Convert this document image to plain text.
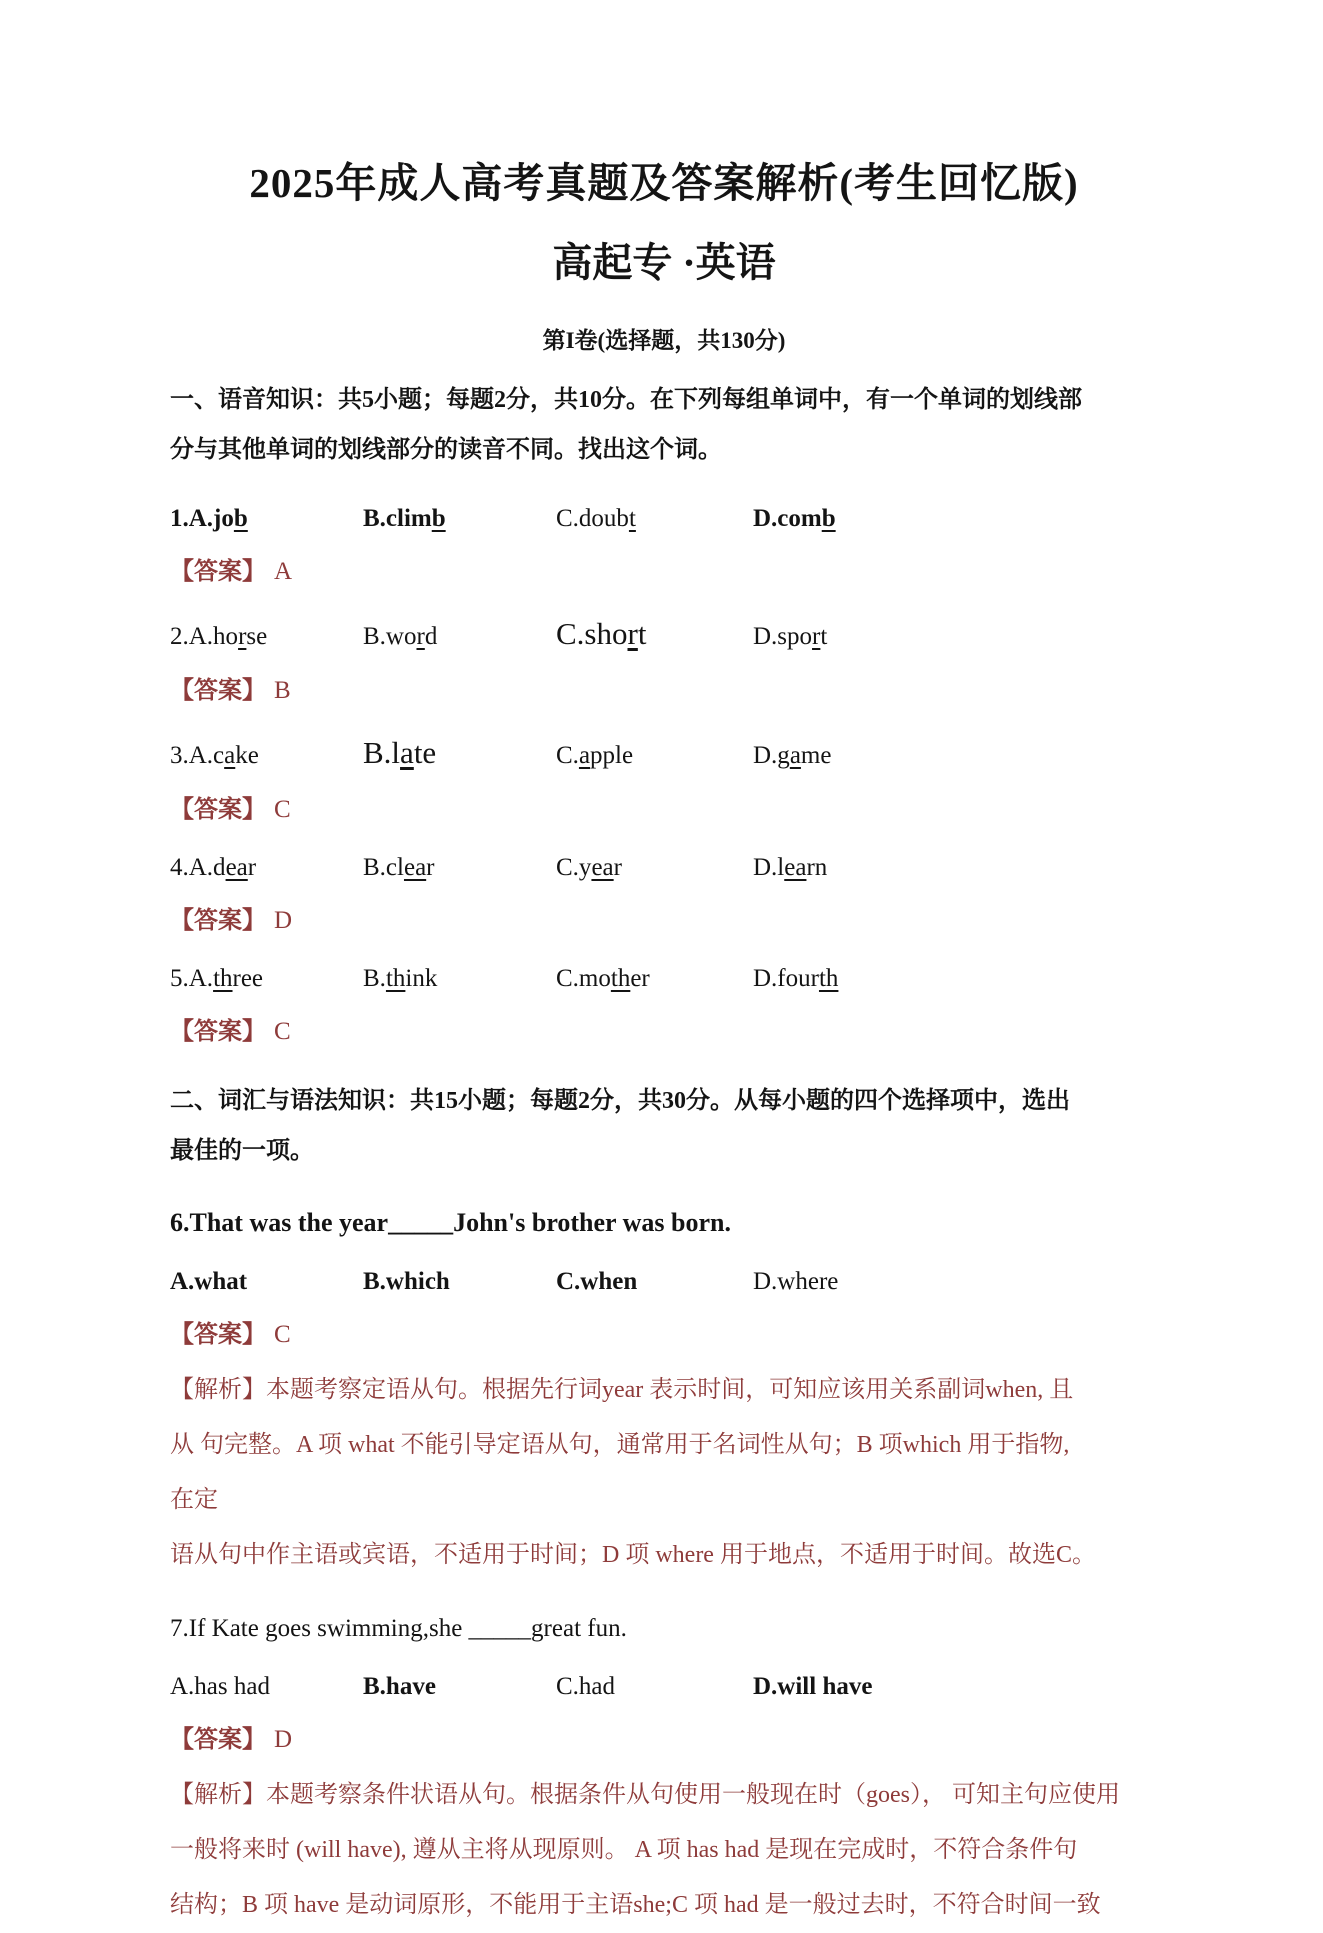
2025年成人高考真题及答案解析(考生回忆版)
高起专 ·英语
第I卷(选择题，共130分)

一、语音知识：共5小题；每题2分，共10分。在下列每组单词中，有一个单词的划线部
分与其他单词的划线部分的读音不同。找出这个词。

1.A.job	B.climb	C.doubt	D.comb
【答案】 A
2.A.horse	B.word	C.short	D.sport
【答案】 B
3.A.cake	B.late	C.apple	D.game
【答案】 C
4.A.dear	B.clear	C.year	D.learn
【答案】 D
5.A.three	B.think	C.mother	D.fourth
【答案】 C

二、词汇与语法知识：共15小题；每题2分，共30分。从每小题的四个选择项中，选出
最佳的一项。

6.That was the year_____John's brother was born.
A.what	B.which	C.when	D.where
【答案】 C

【解析】本题考察定语从句。根据先行词year 表示时间，可知应该用关系副词when, 且
从 句完整。A 项 what 不能引导定语从句，通常用于名词性从句；B 项which 用于指物,
在定
语从句中作主语或宾语，不适用于时间；D 项 where 用于地点，不适用于时间。故选C。

7.If Kate goes swimming,she _____great fun.
A.has had	B.have	C.had	D.will have
【答案】 D

【解析】本题考察条件状语从句。根据条件从句使用一般现在时（goes）， 可知主句应使用
一般将来时 (will have), 遵从主将从现原则。 A 项 has had 是现在完成时，不符合条件句
结构；B 项 have 是动词原形，不能用于主语she;C 项 had 是一般过去时，不符合时间一致
